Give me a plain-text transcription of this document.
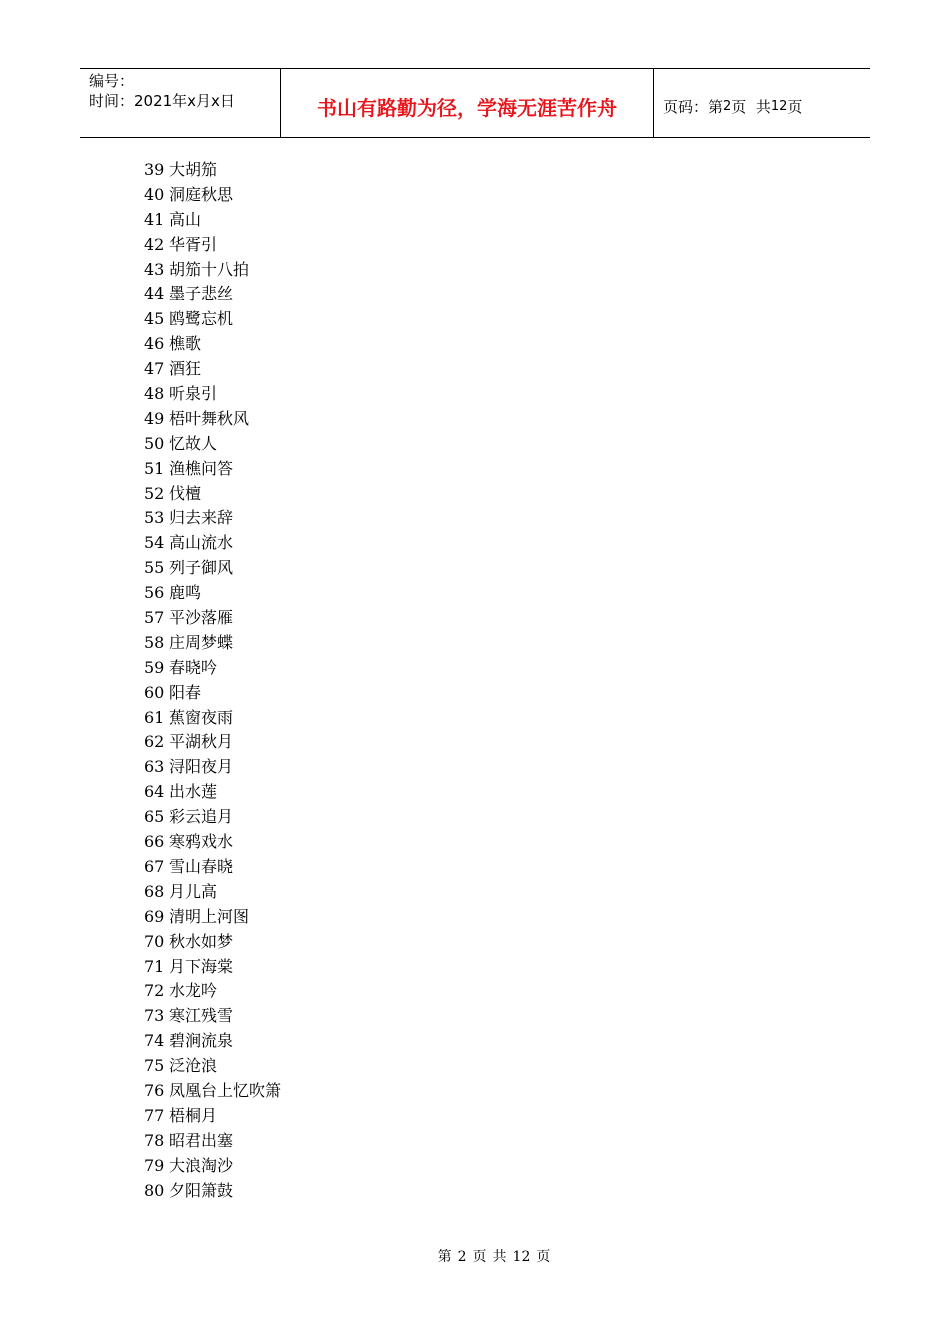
编号：
时间：2021年x月x日	书山有路勤为径，学海无涯苦作舟	页码：第 2 页
共 12 页
39 大胡笳
40 洞庭秋思
41 高山
42 华胥引
43 胡笳十八拍
44 墨子悲丝
45 鸥鹭忘机
46 樵歌
47 酒狂
48 听泉引
49 梧叶舞秋风
50 忆故人
51 渔樵问答
52 伐檀
53 归去来辞
54 高山流水
55 列子御风
56 鹿鸣
57 平沙落雁
58 庄周梦蝶
59 春晓吟
60 阳春
61 蕉窗夜雨
62 平湖秋月
63 浔阳夜月
64 出水莲
65 彩云追月
66 寒鸦戏水
67 雪山春晓
68 月儿高
69 清明上河图
70 秋水如梦
71 月下海棠
72 水龙吟
73 寒江残雪
74 碧涧流泉
75 泛沧浪
76 凤凰台上忆吹箫
77 梧桐月
78 昭君出塞
79 大浪淘沙
80 夕阳箫鼓
第 2 页 共 12 页
